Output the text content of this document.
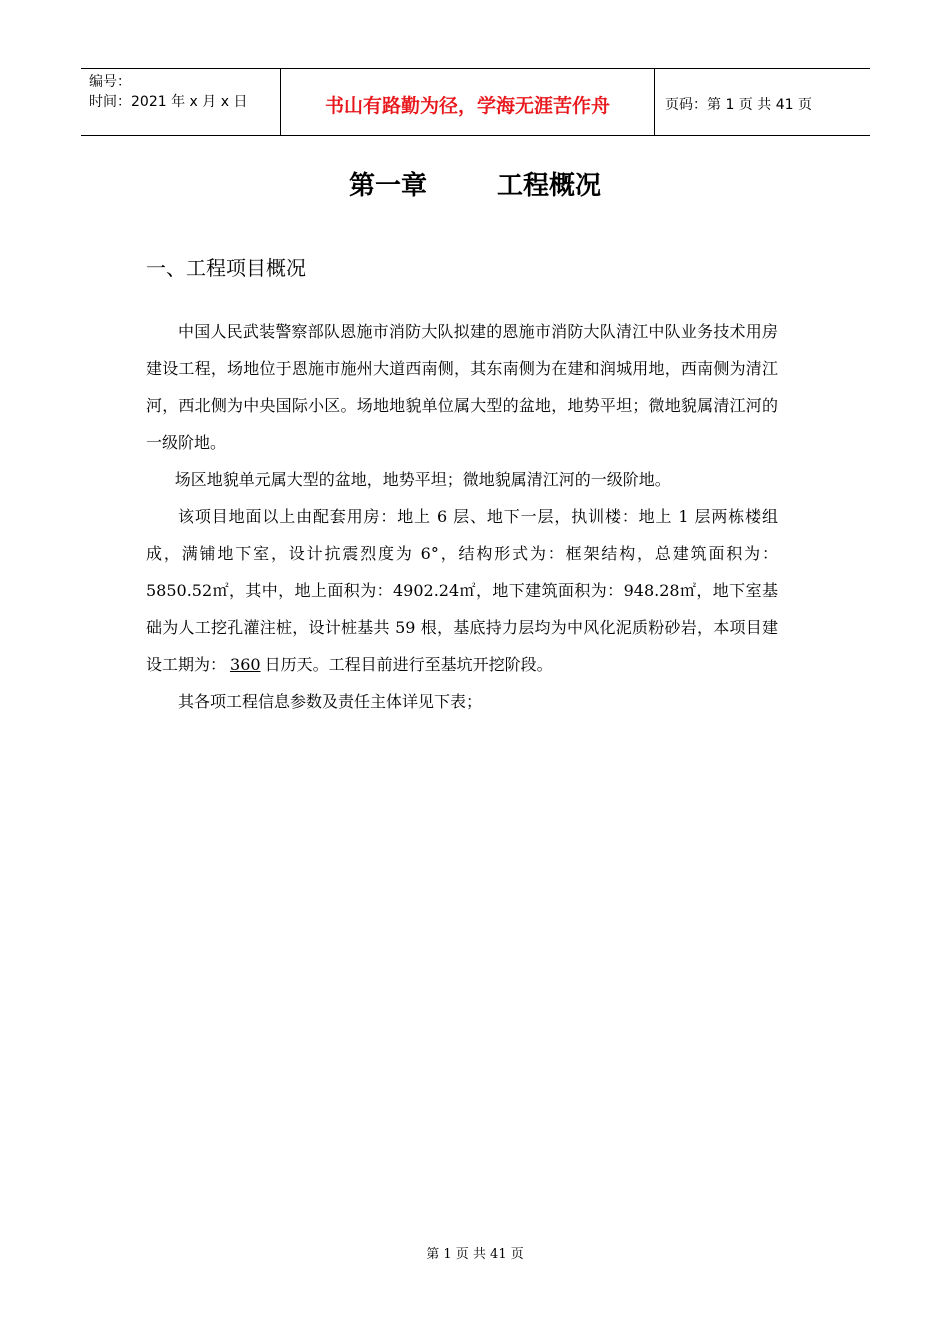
编号：
时间：2021 年 x 月 x 日	书山有路勤为径，学海无涯苦作舟	页码：第 1 页 共 41 页
第一章	工程概况
一、工程项目概况

中国人民武装警察部队恩施市消防大队拟建的恩施市消防大队清江中队业务技术用房建设工程，场地位于恩施市施州大道西南侧，其东南侧为在建和润城用地，西南侧为清江河，西北侧为中央国际小区。场地地貌单位属大型的盆地，地势平坦；微地貌属清江河的一级阶地。

场区地貌单元属大型的盆地，地势平坦；微地貌属清江河的一级阶地。

该项目地面以上由配套用房：地上 6 层、地下一层，执训楼：地上 1 层两栋楼组成，满铺地下室，设计抗震烈度为 6°，结构形式为：框架结构，总建筑面积为：5850.52㎡，其中，地上面积为：4902.24㎡，地下建筑面积为：948.28㎡，地下室基础为人工挖孔灌注桩，设计桩基共 59 根，基底持力层均为中风化泥质粉砂岩，本项目建设工期为： 360 日历天。工程目前进行至基坑开挖阶段。

其各项工程信息参数及责任主体详见下表；

第 1 页 共 41 页
